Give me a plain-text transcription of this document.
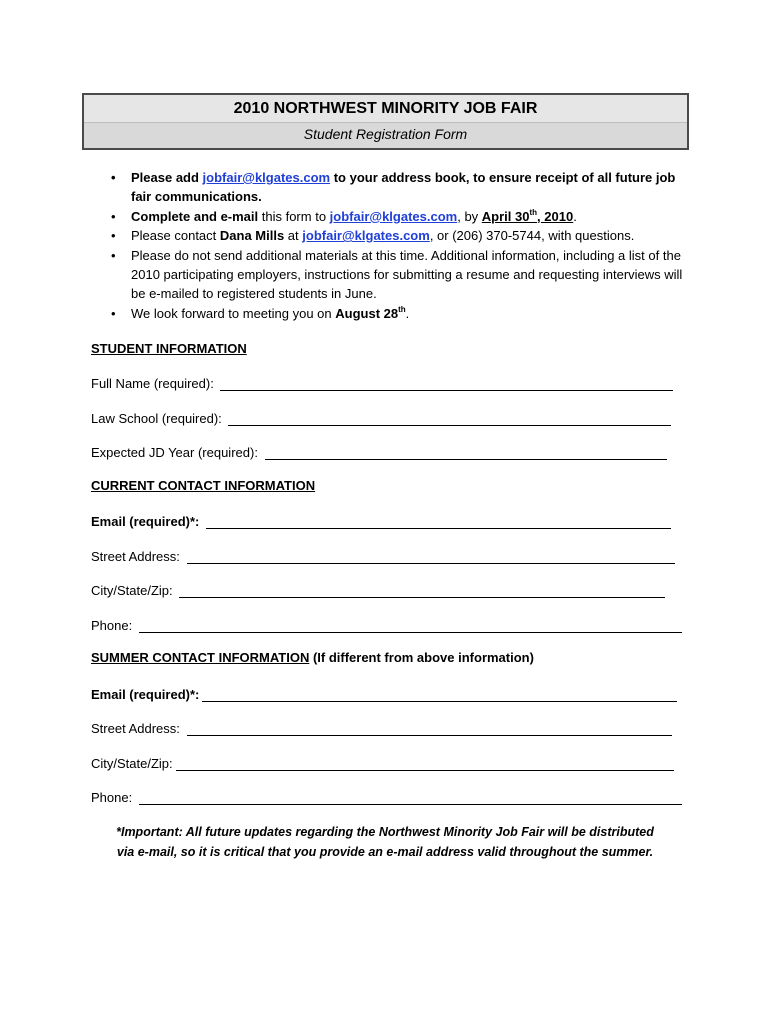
2010 NORTHWEST MINORITY JOB FAIR
Student Registration Form
• Please add jobfair@klgates.com to your address book, to ensure receipt of all future job fair communications.
• Complete and e-mail this form to jobfair@klgates.com, by April 30th, 2010.
• Please contact Dana Mills at jobfair@klgates.com, or (206) 370-5744, with questions.
• Please do not send additional materials at this time. Additional information, including a list of the 2010 participating employers, instructions for submitting a resume and requesting interviews will be e-mailed to registered students in June.
• We look forward to meeting you on August 28th.
STUDENT INFORMATION
Full Name (required):
Law School (required):
Expected JD Year (required):
CURRENT CONTACT INFORMATION
Email (required)*:
Street Address:
City/State/Zip:
Phone:
SUMMER CONTACT INFORMATION (If different from above information)
Email (required)*:
Street Address:
City/State/Zip:
Phone:
*Important: All future updates regarding the Northwest Minority Job Fair will be distributed
via e-mail, so it is critical that you provide an e-mail address valid throughout the summer.
